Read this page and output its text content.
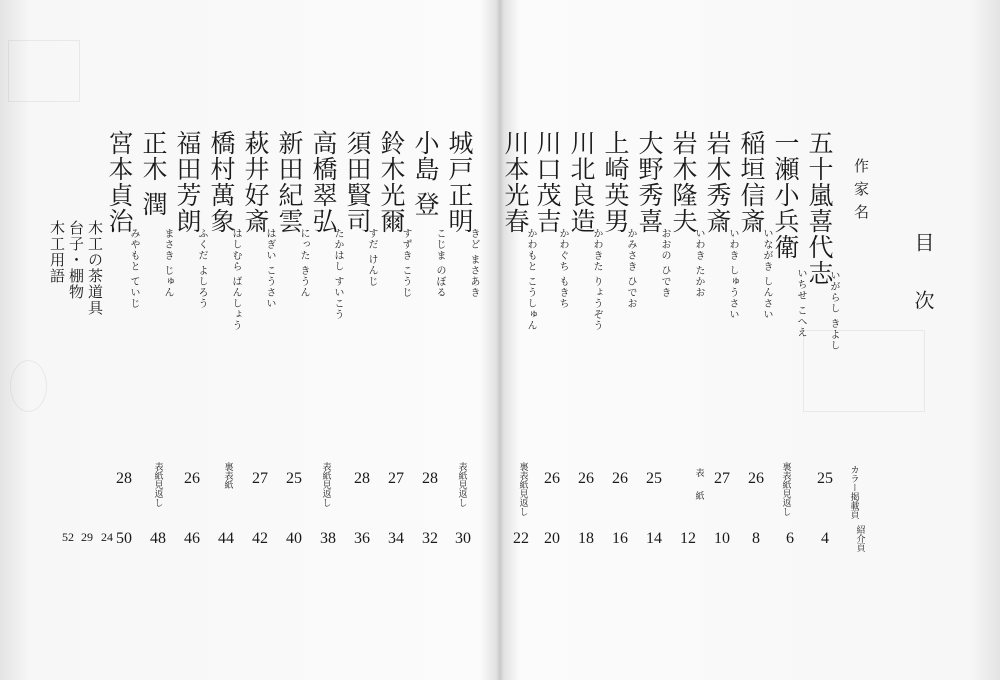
目
次
作家名
カラー掲載頁
紹介頁
五十嵐喜代志
いがらし きよし
25
4
一瀬小兵衛
いちせ こへえ
裏表紙見返し
6
稲垣信斎
いながき しんさい
26
8
岩木秀斎
いわき しゅうさい
27
10
岩木隆夫
いわき たかお
表紙
12
大野秀喜
おおの ひでき
25
14
上崎英男
かみさき ひでお
26
16
川北良造
かわきた りょうぞう
26
18
川口茂吉
かわぐち もきち
26
20
川本光春
かわもと こうしゅん
裏表紙見返し
22
城戸正明
きど まさあき
表紙見返し
30
小島 登
こじま のぼる
28
32
鈴木光爾
すずき こうじ
27
34
須田賢司
すだ けんじ
28
36
高橋翠弘
たかはし すいこう
表紙見返し
38
新田紀雲
にった きうん
25
40
萩井好斎
はぎい こうさい
27
42
橋村萬象
はしむら ばんしょう
裏表紙
44
福田芳朗
ふくだ よしろう
26
46
正木 潤
まさき じゅん
表紙見返し
48
宮本貞治
みやもと ていじ
28
50
木工の茶道具
24
台子・棚物
29
木工用語
52
